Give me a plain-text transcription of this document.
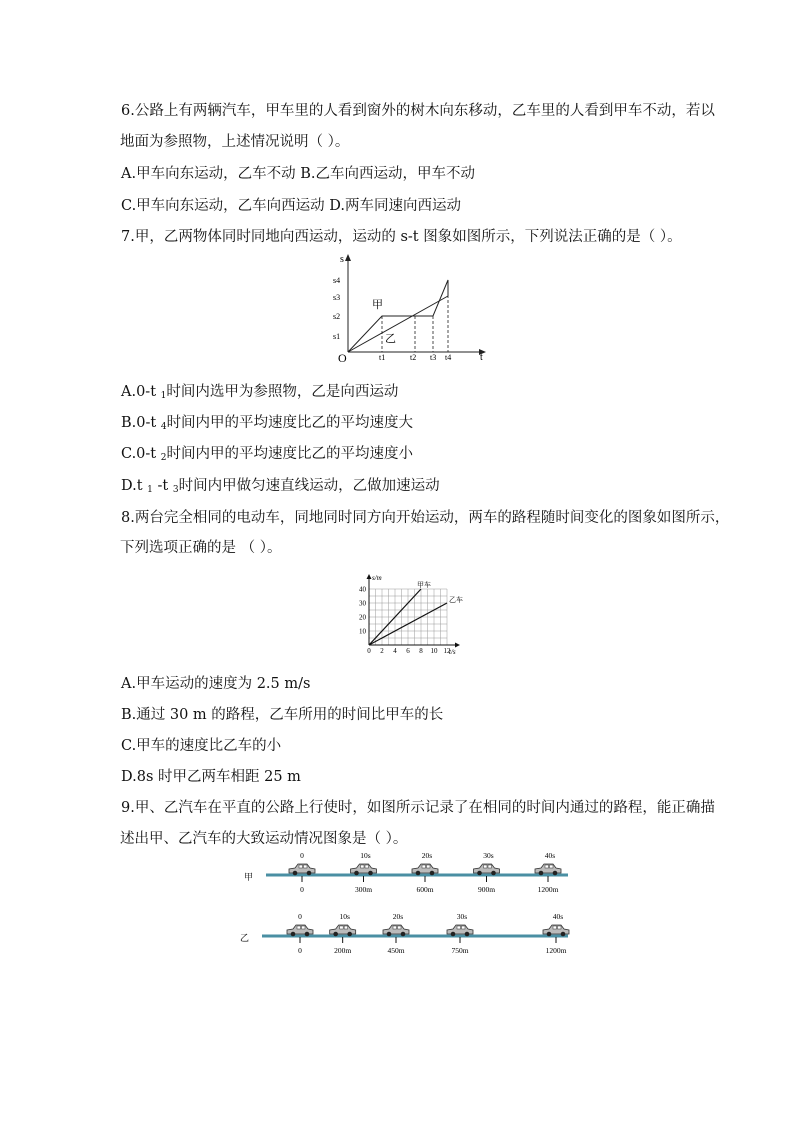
6.公路上有两辆汽车，甲车里的人看到窗外的树木向东移动，乙车里的人看到甲车不动，若以
地面为参照物，上述情况说明（ ）。
A.甲车向东运动，乙车不动 B.乙车向西运动，甲车不动
C.甲车向东运动，乙车向西运动 D.两车同速向西运动
7.甲，乙两物体同时同地向西运动，运动的 s-t 图象如图所示，下列说法正确的是（ ）。
s
t
O
s1
s2
s3
s4
t1	t2 t3 t4
甲
乙
A.0-t $_1$时间内选甲为参照物，乙是向西运动
B.0-t $_4$时间内甲的平均速度比乙的平均速度大
C.0-t $_2$时间内甲的平均速度比乙的平均速度小
D.t $_1$ -t $_3$时间内甲做匀速直线运动，乙做加速运动
8.两台完全相同的电动车，同地同时同方向开始运动，两车的路程随时间变化的图象如图所示，
下列选项正确的是 （ ）。
0 2 4 6 8 10 12
10
20
30
40
s/m
t/s
甲车
乙车
A.甲车运动的速度为 2.5 m/s
B.通过 30 m 的路程，乙车所用的时间比甲车的长
C.甲车的速度比乙车的小
D.8s 时甲乙两车相距 25 m
9.甲、乙汽车在平直的公路上行使时，如图所示记录了在相同的时间内通过的路程，能正确描
述出甲、乙汽车的大致运动情况图象是（ ）。
甲
0
0
10s
300m
20s
600m
30s
900m
40s
1200m
乙
0
0
10s
200m
20s
450m
30s
750m
40s
1200m
